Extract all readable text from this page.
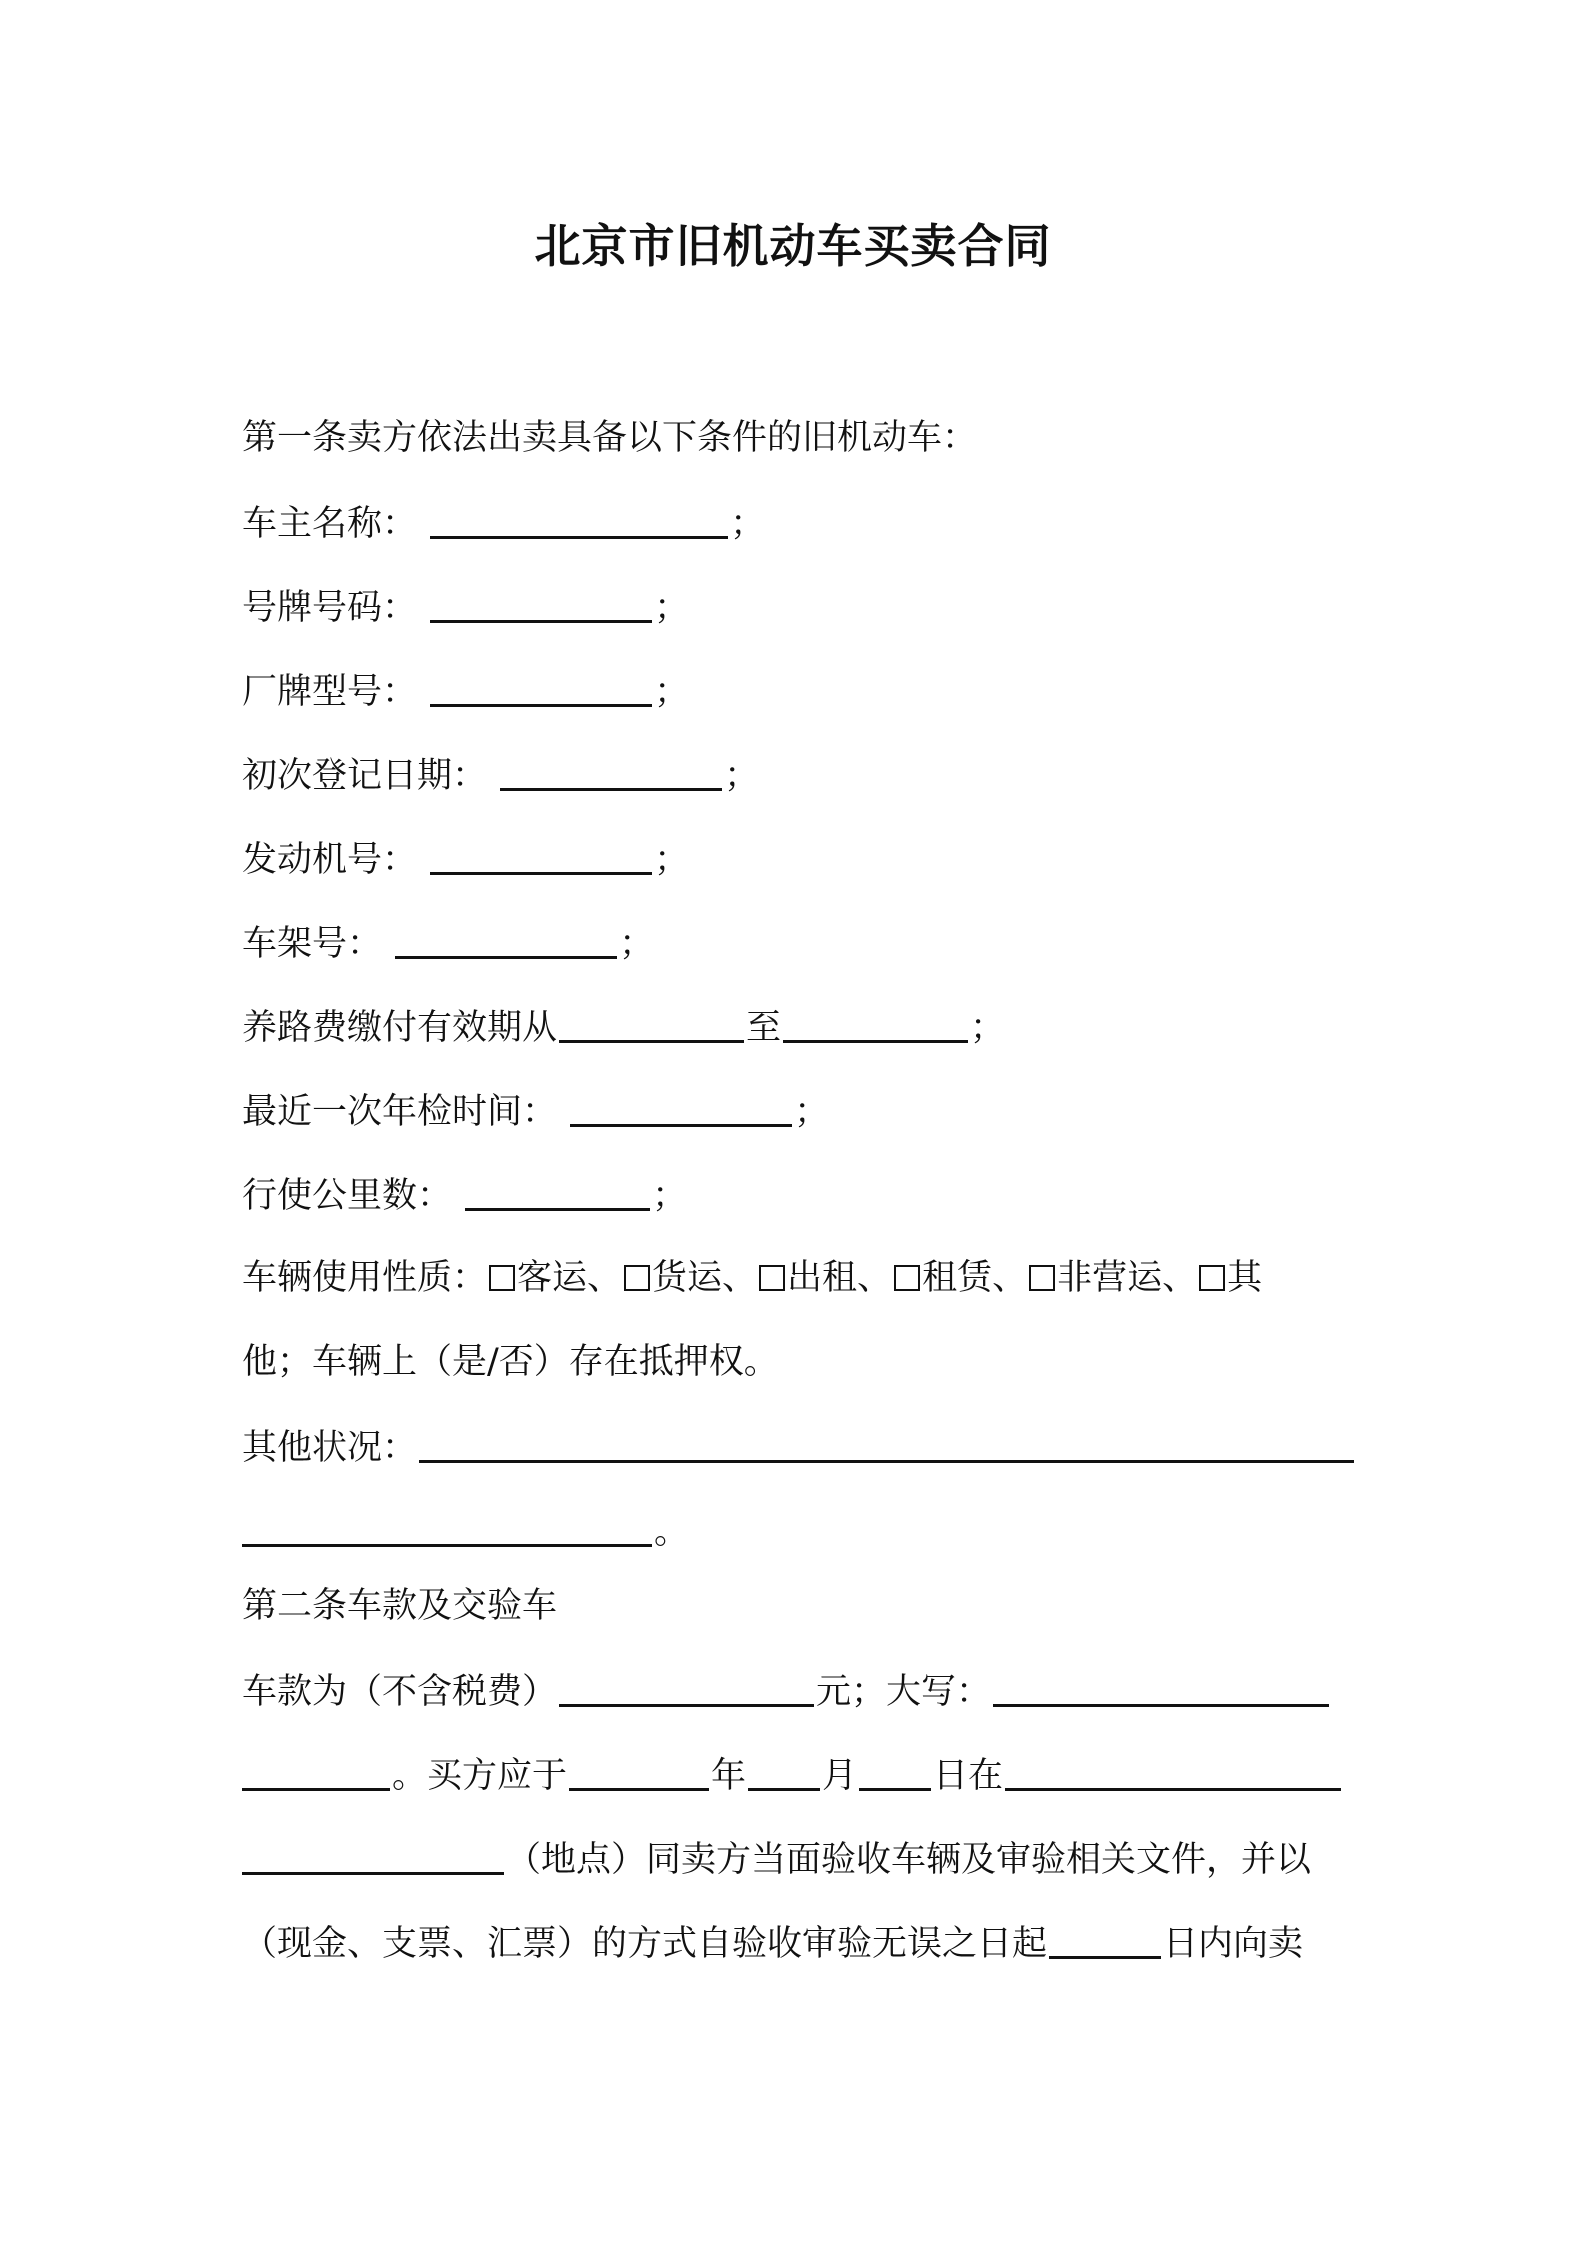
北京市旧机动车买卖合同
第一条卖方依法出卖具备以下条件的旧机动车：
车主名称：	；
号牌号码：	；
厂牌型号：	；
初次登记日期：	；
发动机号：	；
车架号：	；
养路费缴付有效期从	至	；
最近一次年检时间：	；
行使公里数：	；
车辆使用性质： 客运、 货运、 出租、 租赁、 非营运、 其
他；车辆上（是/否）存在抵押权。
其他状况：
。
第二条车款及交验车
车款为（不含税费）	元；大写：
。买方应于	年 月 日在
（地点）同卖方当面验收车辆及审验相关文件，并以
（现金、支票、汇票）的方式自验收审验无误之日起	日内向卖
